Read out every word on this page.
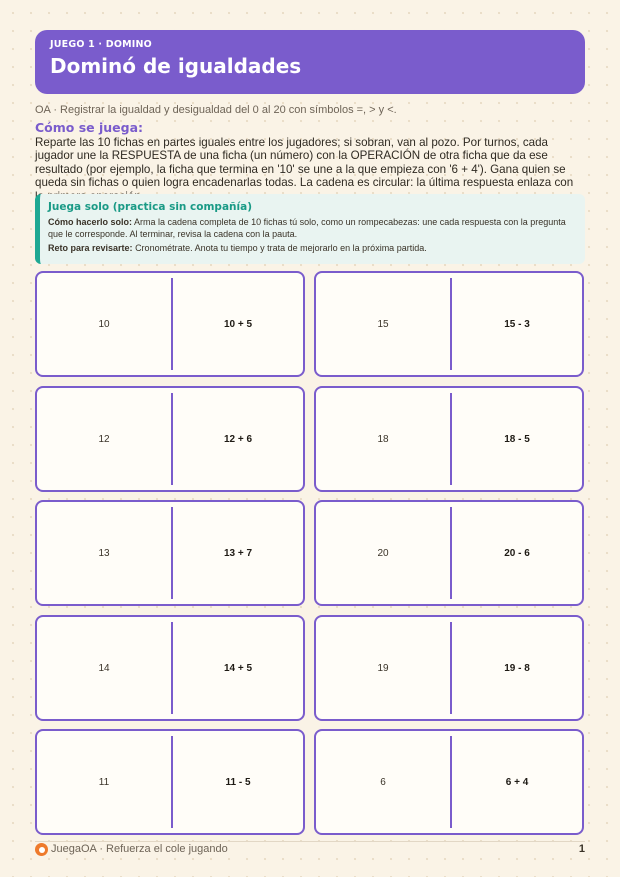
JUEGO 1 · DOMINO
Dominó de igualdades
OA · Registrar la igualdad y desigualdad del 0 al 20 con símbolos =, > y <.
Cómo se juega:
Reparte las 10 fichas en partes iguales entre los jugadores; si sobran, van al pozo. Por turnos, cada jugador une la RESPUESTA de una ficha (un número) con la OPERACIÓN de otra ficha que da ese resultado (por ejemplo, la ficha que termina en '10' se une a la que empieza con '6 + 4'). Gana quien se queda sin fichas o quien logra encadenarlas todas. La cadena es circular: la última respuesta enlaza con
Juega solo (practica sin compañía)
Cómo hacerlo solo: Arma la cadena completa de 10 fichas tú solo, como un rompecabezas: une cada respuesta con la pregunta que le corresponde. Al terminar, revisa la cadena con la pauta.
Reto para revisarte: Cronométrate. Anota tu tiempo y trata de mejorarlo en la próxima partida.
10	10 + 5	15	15 - 3
12	12 + 6	18	18 - 5
13	13 + 7	20	20 - 6
14	14 + 5	19	19 - 8
11	11 - 5	6	6 + 4
JuegaOA · Refuerza el cole jugando	1
